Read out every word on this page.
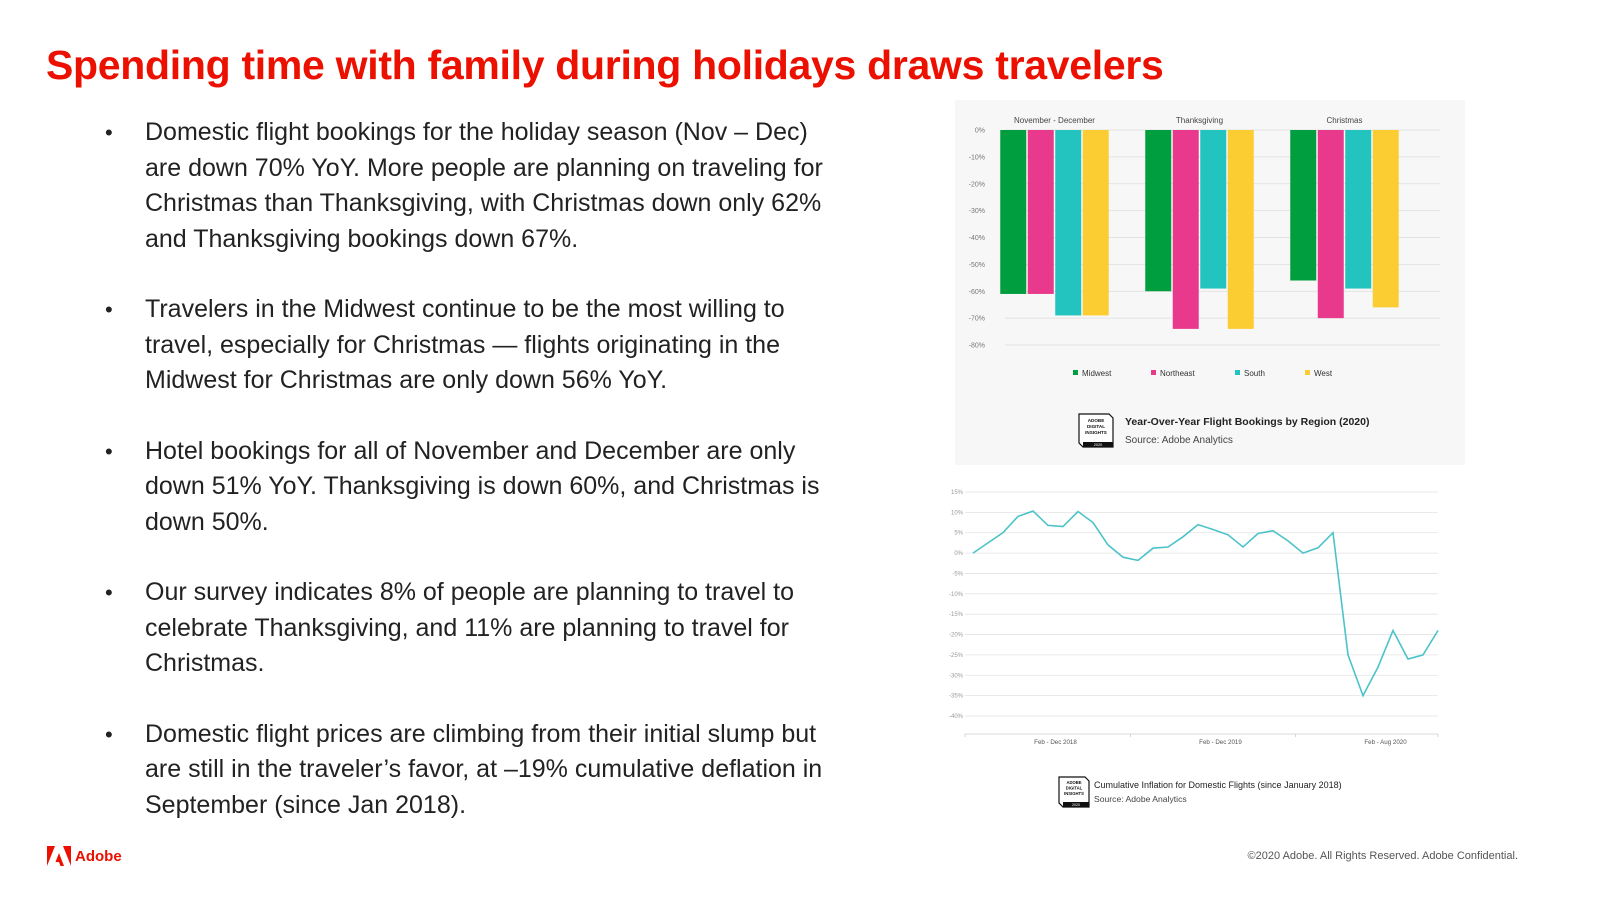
Spending time with family during holidays draws travelers
• Domestic flight bookings for the holiday season (Nov – Dec) are down 70% YoY. More people are planning on traveling for Christmas than Thanksgiving, with Christmas down only 62% and Thanksgiving bookings down 67%.
• Travelers in the Midwest continue to be the most willing to travel, especially for Christmas — flights originating in the Midwest for Christmas are only down 56% YoY.
• Hotel bookings for all of November and December are only down 51% YoY. Thanksgiving is down 60%, and Christmas is down 50%.
• Our survey indicates 8% of people are planning to travel to celebrate Thanksgiving, and 11% are planning to travel for Christmas.
• Domestic flight prices are climbing from their initial slump but are still in the traveler’s favor, at –19% cumulative deflation in September (since Jan 2018).
0%
-10%
-20%
-30%
-40%
-50%
-60%
-70%
-80%
November - December	Thanksgiving	Christmas
Midwest	Northeast	South	West
ADOBE
DIGITAL
INSIGHTS
2020
Year-Over-Year Flight Bookings by Region (2020)
Source: Adobe Analytics
15%
10%
5%
0%
-5%
-10%
-15%
-20%
-25%
-30%
-35%
-40%
Feb - Dec 2018	Feb - Dec 2019	Feb - Aug 2020
ADOBE
DIGITAL
INSIGHTS
2020
Cumulative Inflation for Domestic Flights (since January 2018)
Source: Adobe Analytics
Adobe	©2020 Adobe. All Rights Reserved. Adobe Confidential.
